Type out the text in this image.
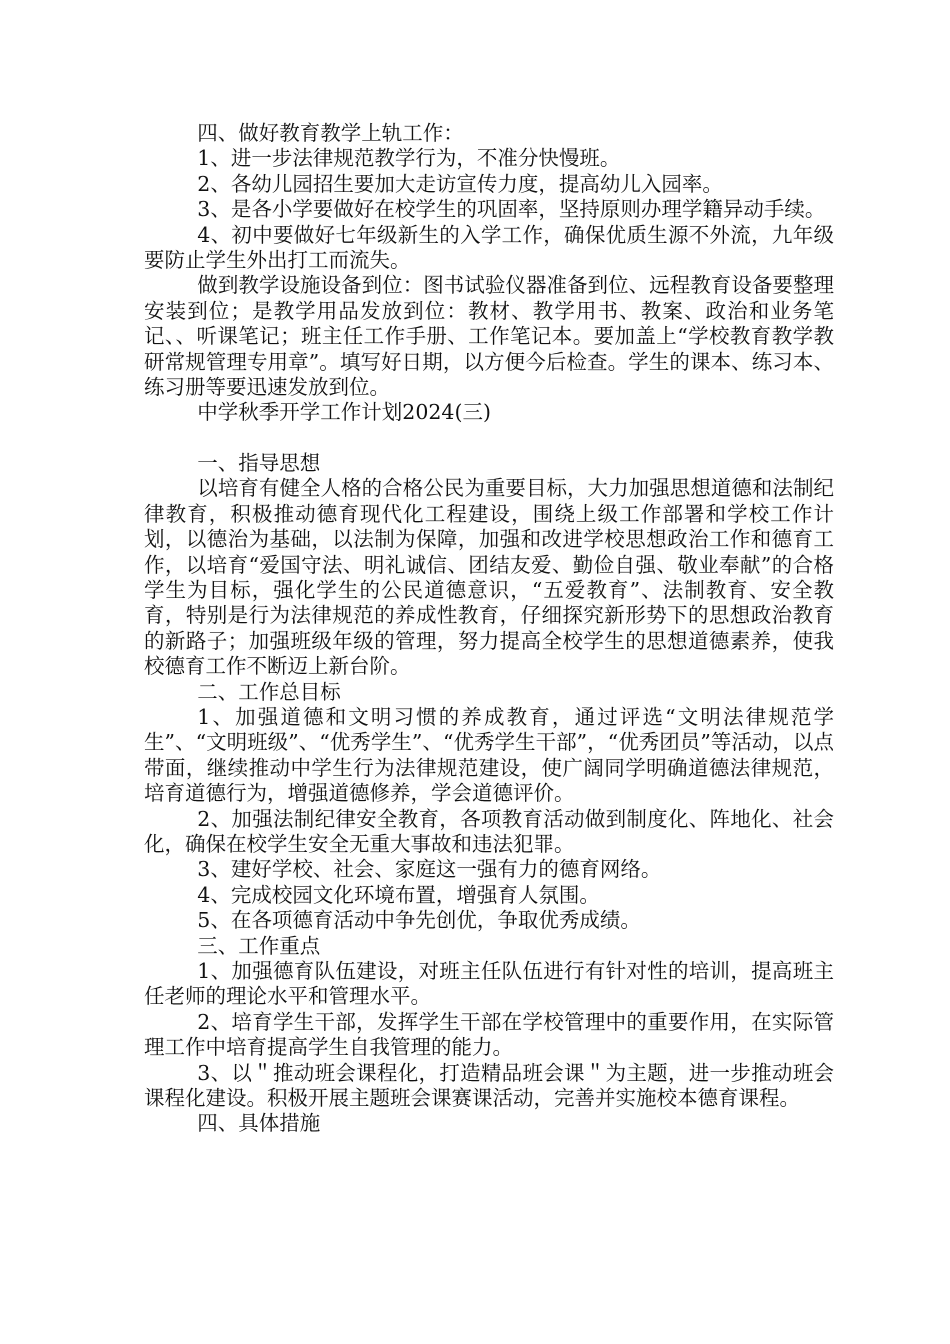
四、做好教育教学上轨工作：

1、进一步法律规范教学行为，不准分快慢班。

2、各幼儿园招生要加大走访宣传力度，提高幼儿入园率。

3、是各小学要做好在校学生的巩固率，坚持原则办理学籍异动手续。

4、初中要做好七年级新生的入学工作，确保优质生源不外流，九年级要防止学生外出打工而流失。

做到教学设施设备到位：图书试验仪器准备到位、远程教育设备要整理安装到位；是教学用品发放到位：教材、教学用书、教案、政治和业务笔记、、听课笔记；班主任工作手册、工作笔记本。要加盖上“学校教育教学教研常规管理专用章”。填写好日期，以方便今后检查。学生的课本、练习本、练习册等要迅速发放到位。

中学秋季开学工作计划2024(三)

一、指导思想

以培育有健全人格的合格公民为重要目标，大力加强思想道德和法制纪律教育，积极推动德育现代化工程建设，围绕上级工作部署和学校工作计划，以德治为基础，以法制为保障，加强和改进学校思想政治工作和德育工作，以培育“爱国守法、明礼诚信、团结友爱、勤俭自强、敬业奉献”的合格学生为目标，强化学生的公民道德意识，“五爱教育”、法制教育、安全教育，特别是行为法律规范的养成性教育，仔细探究新形势下的思想政治教育的新路子；加强班级年级的管理，努力提高全校学生的思想道德素养，使我校德育工作不断迈上新台阶。

二、工作总目标

1、加强道德和文明习惯的养成教育，通过评选“文明法律规范学生”、“文明班级”、“优秀学生”、“优秀学生干部”，“优秀团员”等活动，以点带面，继续推动中学生行为法律规范建设，使广阔同学明确道德法律规范，培育道德行为，增强道德修养，学会道德评价。

2、加强法制纪律安全教育，各项教育活动做到制度化、阵地化、社会化，确保在校学生安全无重大事故和违法犯罪。

3、建好学校、社会、家庭这一强有力的德育网络。

4、完成校园文化环境布置，增强育人氛围。

5、在各项德育活动中争先创优，争取优秀成绩。

三、工作重点

1、加强德育队伍建设，对班主任队伍进行有针对性的培训，提高班主任老师的理论水平和管理水平。

2、培育学生干部，发挥学生干部在学校管理中的重要作用，在实际管理工作中培育提高学生自我管理的能力。

3、以＂推动班会课程化，打造精品班会课＂为主题，进一步推动班会课程化建设。积极开展主题班会课赛课活动，完善并实施校本德育课程。

四、具体措施
